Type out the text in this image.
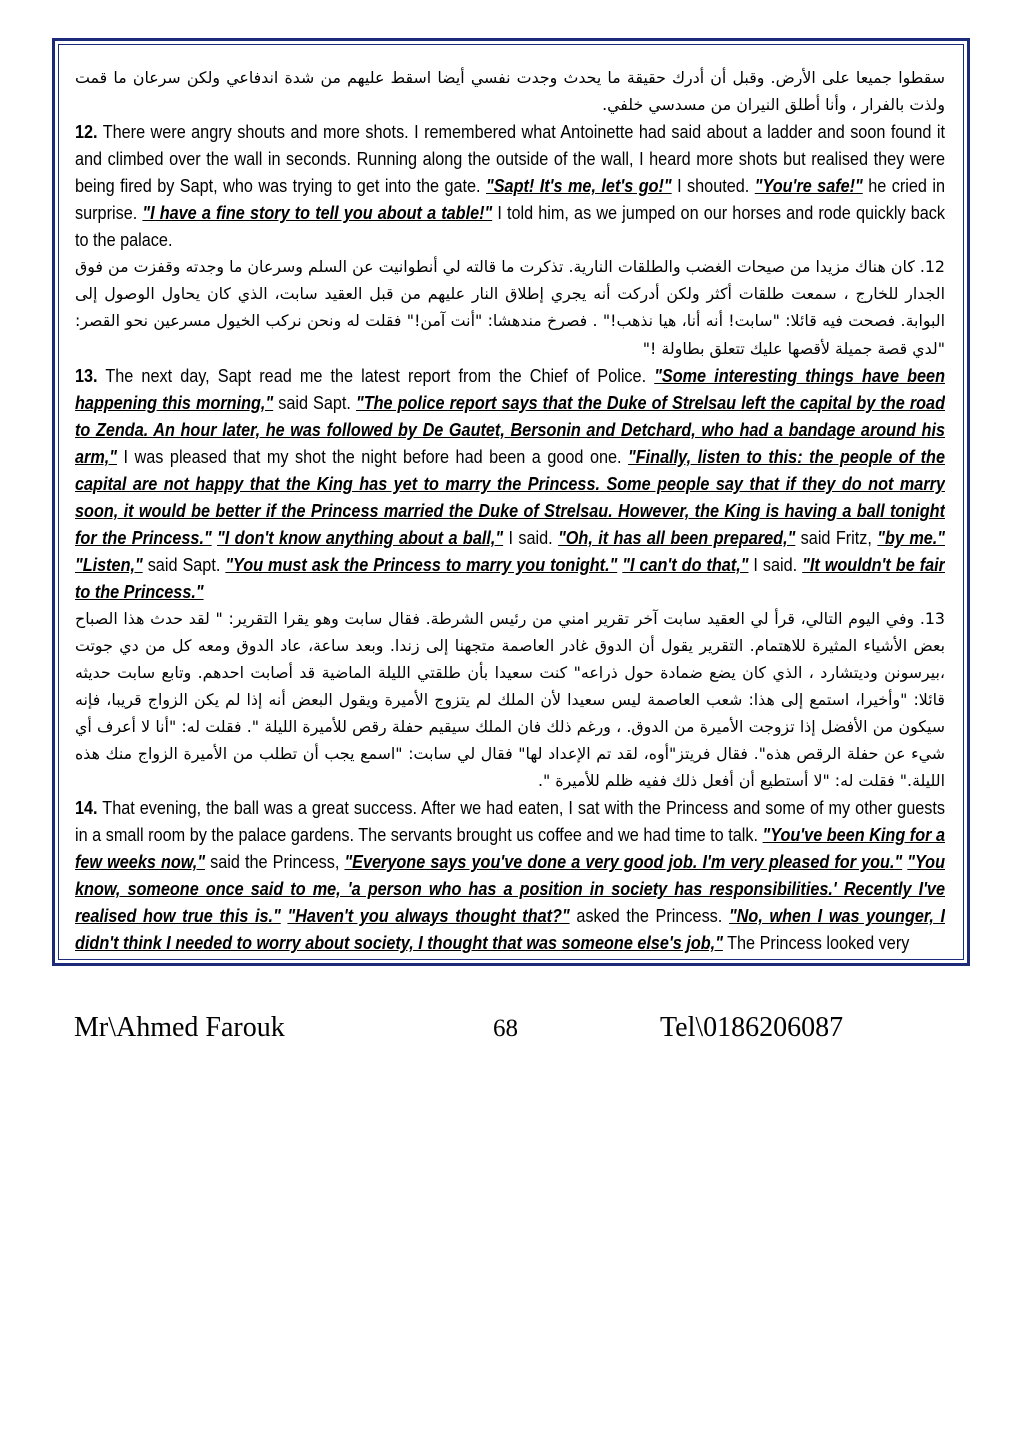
سقطوا جميعا على الأرض. وقبل أن أدرك حقيقة ما يحدث وجدت نفسي أيضا اسقط عليهم من شدة اندفاعي ولكن سرعان ما قمت ولذت بالفرار ، وأنا أطلق النيران من مسدسي خلفي.

12. There were angry shouts and more shots. I remembered what Antoinette had said about a ladder and soon found it and climbed over the wall in seconds. Running along the outside of the wall, I heard more shots but realised they were being fired by Sapt, who was trying to get into the gate. "Sapt! It's me, let's go!" I shouted. "You're safe!" he cried in surprise. "I have a fine story to tell you about a table!" I told him, as we jumped on our horses and rode quickly back to the palace.

12. كان هناك مزيدا من صيحات الغضب والطلقات النارية. تذكرت ما قالته لي أنطوانيت عن السلم وسرعان ما وجدته وقفزت من فوق الجدار للخارج ، سمعت طلقات أكثر ولكن أدركت أنه يجري إطلاق النار عليهم من قبل العقيد سابت، الذي كان يحاول الوصول إلى البوابة. فصحت فيه قائلا: "سابت! أنه أنا، هيا نذهب!" . فصرخ مندهشا: "أنت آمن!" فقلت له ونحن نركب الخيول مسرعين نحو القصر: "لدي قصة جميلة لأقصها عليك تتعلق بطاولة !"

13. The next day, Sapt read me the latest report from the Chief of Police. "Some interesting things have been happening this morning," said Sapt. "The police report says that the Duke of Strelsau left the capital by the road to Zenda. An hour later, he was followed by De Gautet, Bersonin and Detchard, who had a bandage around his arm," I was pleased that my shot the night before had been a good one. "Finally, listen to this: the people of the capital are not happy that the King has yet to marry the Princess. Some people say that if they do not marry soon, it would be better if the Princess married the Duke of Strelsau. However, the King is having a ball tonight for the Princess." "I don't know anything about a ball," I said. "Oh, it has all been prepared," said Fritz, "by me." "Listen," said Sapt. "You must ask the Princess to marry you tonight." "I can't do that," I said. "It wouldn't be fair to the Princess."

13. وفي اليوم التالي، قرأ لي العقيد سابت آخر تقرير امني من رئيس الشرطة. فقال سابت وهو يقرا التقرير: " لقد حدث هذا الصباح بعض الأشياء المثيرة للاهتمام. التقرير يقول أن الدوق غادر العاصمة متجهنا إلى زندا. وبعد ساعة، عاد الدوق ومعه كل من دي جوتت ،بيرسونن وديتشارد ، الذي كان يضع ضمادة حول ذراعه" كنت سعيدا بأن طلقتي الليلة الماضية قد أصابت احدهم. وتابع سابت حديثه قائلا: "وأخيرا، استمع إلى هذا: شعب العاصمة ليس سعيدا لأن الملك لم يتزوج الأميرة ويقول البعض أنه إذا لم يكن الزواج قريبا، فإنه سيكون من الأفضل إذا تزوجت الأميرة من الدوق. ، ورغم ذلك فان الملك سيقيم حفلة رقص للأميرة الليلة ". فقلت له: "أنا لا أعرف أي شيء عن حفلة الرقص هذه". فقال فريتز"أوه، لقد تم الإعداد لها" فقال لي سابت: "اسمع يجب أن تطلب من الأميرة الزواج منك هذه الليلة." فقلت له: "لا أستطيع أن أفعل ذلك ففيه ظلم للأميرة ".

14. That evening, the ball was a great success. After we had eaten, I sat with the Princess and some of my other guests in a small room by the palace gardens. The servants brought us coffee and we had time to talk. "You've been King for a few weeks now," said the Princess, "Everyone says you've done a very good job. I'm very pleased for you." "You know, someone once said to me, 'a person who has a position in society has responsibilities.' Recently I've realised how true this is." "Haven't you always thought that?" asked the Princess. "No, when I was younger, I didn't think I needed to worry about society, I thought that was someone else's job," The Princess looked very

Mr\Ahmed Farouk	68	Tel\0186206087
